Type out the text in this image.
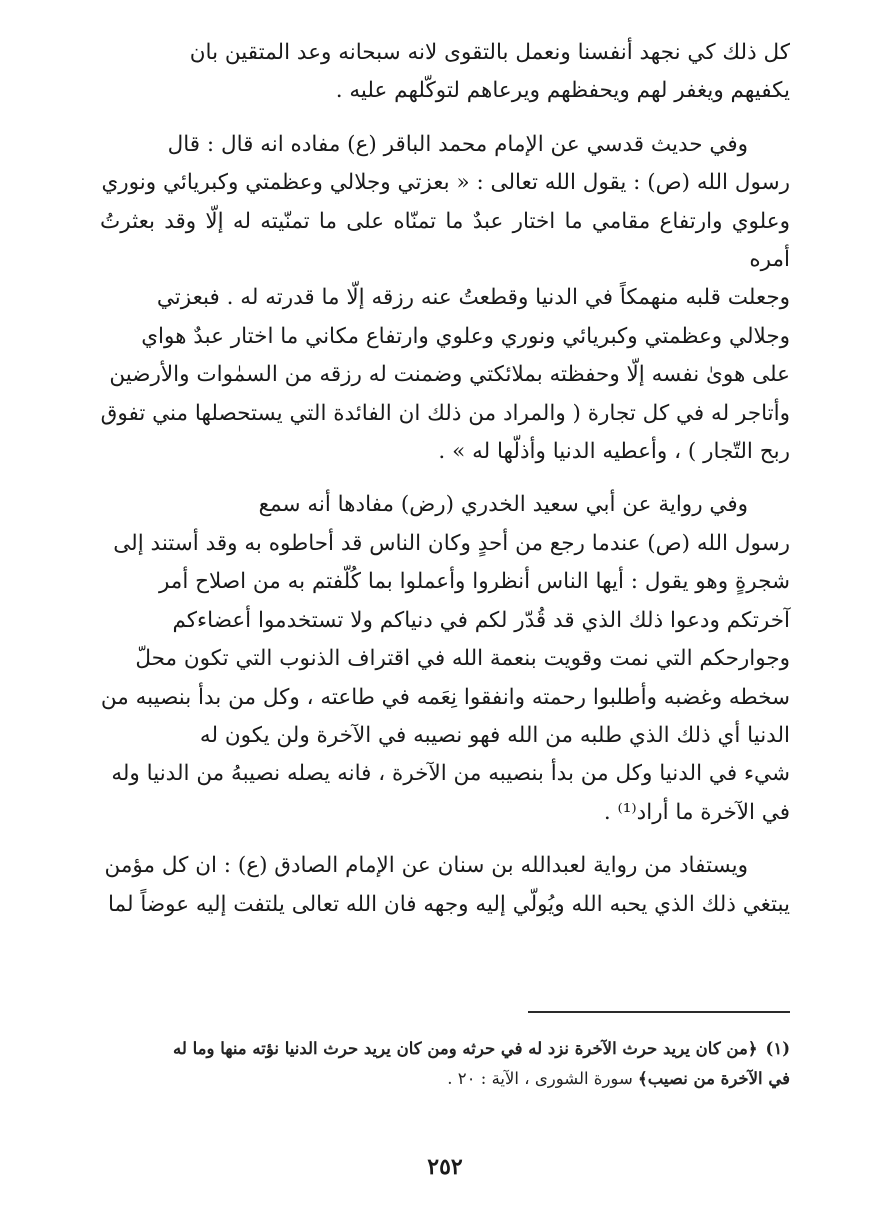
كل ذلك كي نجهد أنفسنا ونعمل بالتقوى لانه سبحانه وعد المتقين بان
يكفيهم ويغفر لهم ويحفظهم ويرعاهم لتوكّلهم عليه .

وفي حديث قدسي عن الإمام محمد الباقر (ع) مفاده انه قال : قال
رسول الله (ص) : يقول الله تعالى : « بعزتي وجلالي وعظمتي وكبريائي ونوري
وعلوي وارتفاع مقامي ما اختار عبدٌ ما تمنّاه على ما تمنّيته له إلّا وقد بعثرتُ أمره
وجعلت قلبه منهمكاً في الدنيا وقطعتُ عنه رزقه إلّا ما قدرته له . فبعزتي
وجلالي وعظمتي وكبريائي ونوري وعلوي وارتفاع مكاني ما اختار عبدٌ هواي
على هوىٰ نفسه إلّا وحفظته بملائكتي وضمنت له رزقه من السمٰوات والأرضين
وأتاجر له في كل تجارة ( والمراد من ذلك ان الفائدة التي يستحصلها مني تفوق
ربح التّجار ) ، وأعطيه الدنيا وأذلّها له » .

وفي رواية عن أبي سعيد الخدري (رض) مفادها أنه سمع
رسول الله (ص) عندما رجع من أحدٍ وكان الناس قد أحاطوه به وقد أستند إلى
شجرةٍ وهو يقول : أيها الناس أنظروا وأعملوا بما كُلّفتم به من اصلاح أمر
آخرتكم ودعوا ذلك الذي قد قُدّر لكم في دنياكم ولا تستخدموا أعضاءكم
وجوارحكم التي نمت وقويت بنعمة الله في اقتراف الذنوب التي تكون محلّ
سخطه وغضبه وأطلبوا رحمته وانفقوا نِعَمه في طاعته ، وكل من بدأ بنصيبه من
الدنيا أي ذلك الذي طلبه من الله فهو نصيبه في الآخرة ولن يكون له
شيء في الدنيا وكل من بدأ بنصيبه من الآخرة ، فانه يصله نصيبهُ من الدنيا وله
في الآخرة ما أراد⁽¹⁾ .

ويستفاد من رواية لعبدالله بن سنان عن الإمام الصادق (ع) : ان كل مؤمن
يبتغي ذلك الذي يحبه الله ويُولّي إليه وجهه فان الله تعالى يلتفت إليه عوضاً لما

(١)﴿من كان يريد حرث الآخرة نزد له في حرثه ومن كان يريد حرث الدنيا نؤته منها وما له
في الآخرة من نصيب﴾ سورة الشورى ، الآية : ٢٠ .
٢٥٢
